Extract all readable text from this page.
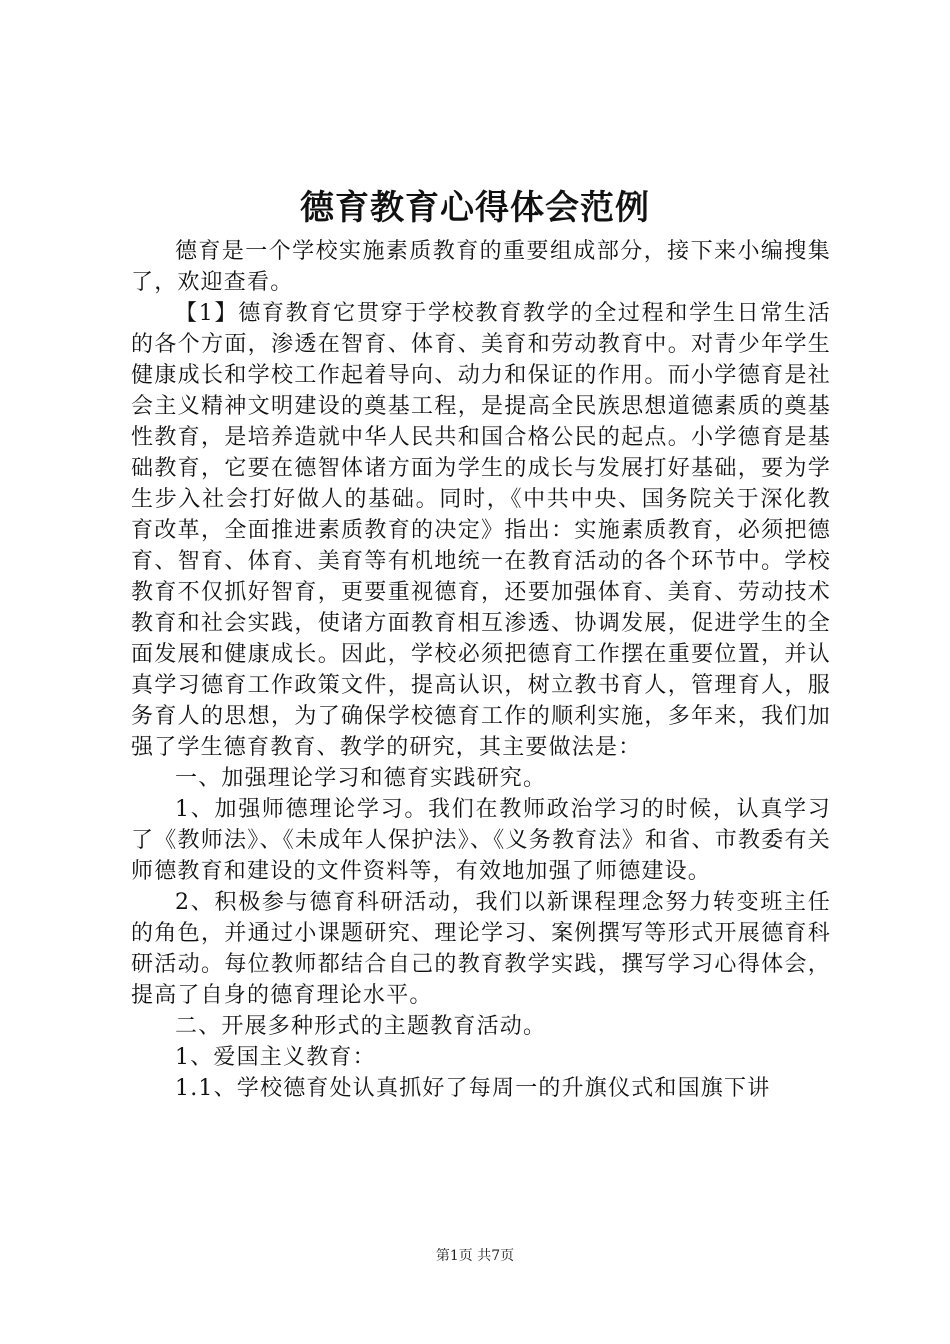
德育教育心得体会范例

德育是一个学校实施素质教育的重要组成部分，接下来小编搜集了，欢迎查看。

【1】德育教育它贯穿于学校教育教学的全过程和学生日常生活的各个方面，渗透在智育、体育、美育和劳动教育中。对青少年学生健康成长和学校工作起着导向、动力和保证的作用。而小学德育是社会主义精神文明建设的奠基工程，是提高全民族思想道德素质的奠基性教育，是培养造就中华人民共和国合格公民的起点。小学德育是基础教育，它要在德智体诸方面为学生的成长与发展打好基础，要为学生步入社会打好做人的基础。同时，《中共中央、国务院关于深化教育改革，全面推进素质教育的决定》指出：实施素质教育，必须把德育、智育、体育、美育等有机地统一在教育活动的各个环节中。学校教育不仅抓好智育，更要重视德育，还要加强体育、美育、劳动技术教育和社会实践，使诸方面教育相互渗透、协调发展，促进学生的全面发展和健康成长。因此，学校必须把德育工作摆在重要位置，并认真学习德育工作政策文件，提高认识，树立教书育人，管理育人，服务育人的思想，为了确保学校德育工作的顺利实施，多年来，我们加强了学生德育教育、教学的研究，其主要做法是：

一、加强理论学习和德育实践研究。

1、加强师德理论学习。我们在教师政治学习的时候，认真学习了《教师法》、《未成年人保护法》、《义务教育法》和省、市教委有关师德教育和建设的文件资料等，有效地加强了师德建设。

2、积极参与德育科研活动，我们以新课程理念努力转变班主任的角色，并通过小课题研究、理论学习、案例撰写等形式开展德育科研活动。每位教师都结合自己的教育教学实践，撰写学习心得体会，提高了自身的德育理论水平。

二、开展多种形式的主题教育活动。

1、爱国主义教育：

1.1、学校德育处认真抓好了每周一的升旗仪式和国旗下讲

第1页 共7页
